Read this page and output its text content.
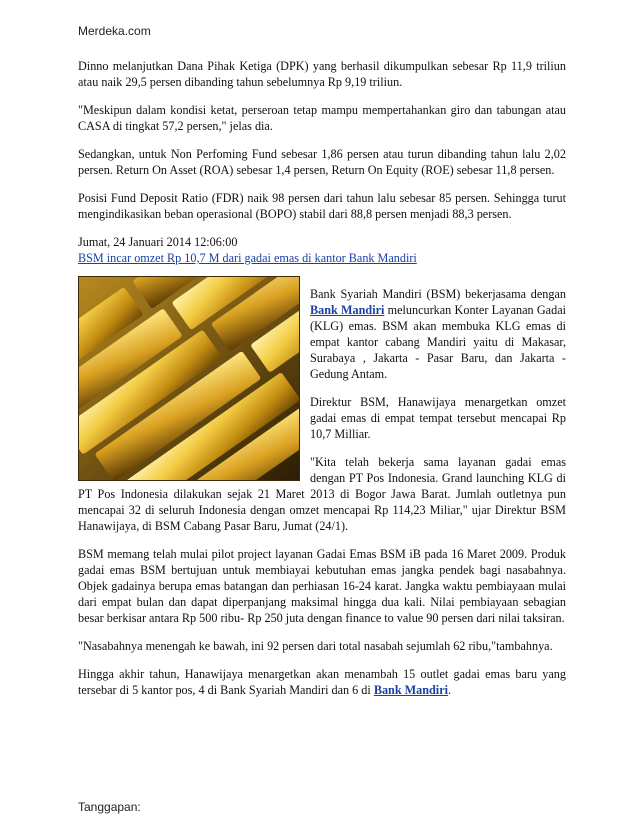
Merdeka.com

Dinno melanjutkan Dana Pihak Ketiga (DPK) yang berhasil dikumpulkan sebesar Rp 11,9 triliun atau naik 29,5 persen dibanding tahun sebelumnya Rp 9,19 triliun.

"Meskipun dalam kondisi ketat, perseroan tetap mampu mempertahankan giro dan tabungan atau CASA di tingkat 57,2 persen," jelas dia.

Sedangkan, untuk Non Perfoming Fund sebesar 1,86 persen atau turun dibanding tahun lalu 2,02 persen. Return On Asset (ROA) sebesar 1,4 persen, Return On Equity (ROE) sebesar 11,8 persen.

Posisi Fund Deposit Ratio (FDR) naik 98 persen dari tahun lalu sebesar 85 persen. Sehingga turut mengindikasikan beban operasional (BOPO) stabil dari 88,8 persen menjadi 88,3 persen.

Jumat, 24 Januari 2014 12:06:00

BSM incar omzet Rp 10,7 M dari gadai emas di kantor Bank Mandiri

Bank Syariah Mandiri (BSM) bekerjasama dengan Bank Mandiri meluncurkan Konter Layanan Gadai (KLG) emas. BSM akan membuka KLG emas di empat kantor cabang Mandiri yaitu di Makasar, Surabaya , Jakarta - Pasar Baru, dan Jakarta -Gedung Antam.

Direktur BSM, Hanawijaya menargetkan omzet gadai emas di empat tempat tersebut mencapai Rp 10,7 Milliar.

"Kita telah bekerja sama layanan gadai emas dengan PT Pos Indonesia. Grand launching KLG di PT Pos Indonesia dilakukan sejak 21 Maret 2013 di Bogor Jawa Barat. Jumlah outletnya pun mencapai 32 di seluruh Indonesia dengan omzet mencapai Rp 114,23 Miliar," ujar Direktur BSM Hanawijaya, di BSM Cabang Pasar Baru, Jumat (24/1).

BSM memang telah mulai pilot project layanan Gadai Emas BSM iB pada 16 Maret 2009. Produk gadai emas BSM bertujuan untuk membiayai kebutuhan emas jangka pendek bagi nasabahnya. Objek gadainya berupa emas batangan dan perhiasan 16-24 karat. Jangka waktu pembiayaan mulai dari empat bulan dan dapat diperpanjang maksimal hingga dua kali. Nilai pembiayaan sebagian besar berkisar antara Rp 500 ribu- Rp 250 juta dengan finance to value 90 persen dari nilai taksiran.

"Nasabahnya menengah ke bawah, ini 92 persen dari total nasabah sejumlah 62 ribu,"tambahnya.

Hingga akhir tahun, Hanawijaya menargetkan akan menambah 15 outlet gadai emas baru yang tersebar di 5 kantor pos, 4 di Bank Syariah Mandiri dan 6 di Bank Mandiri.

Tanggapan:
